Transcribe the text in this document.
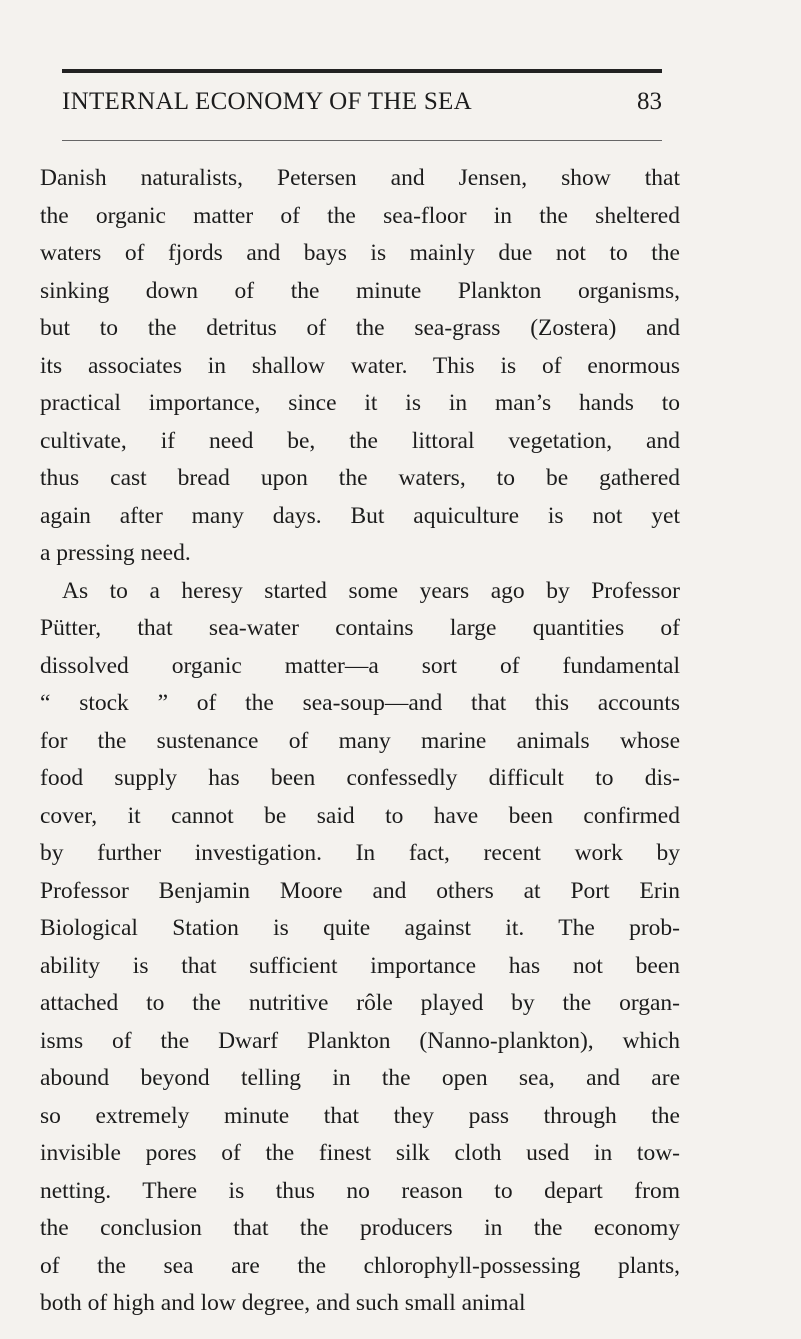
INTERNAL ECONOMY OF THE SEA	83
Danish naturalists, Petersen and Jensen, show that
the organic matter of the sea-floor in the sheltered
waters of fjords and bays is mainly due not to the
sinking down of the minute Plankton organisms,
but to the detritus of the sea-grass (Zostera) and
its associates in shallow water. This is of enormous
practical importance, since it is in man’s hands to
cultivate, if need be, the littoral vegetation, and
thus cast bread upon the waters, to be gathered
again after many days. But aquiculture is not yet
a pressing need.
As to a heresy started some years ago by Professor
Pütter, that sea-water contains large quantities of
dissolved organic matter—a sort of fundamental
“ stock ” of the sea-soup—and that this accounts
for the sustenance of many marine animals whose
food supply has been confessedly difficult to dis-
cover, it cannot be said to have been confirmed
by further investigation. In fact, recent work by
Professor Benjamin Moore and others at Port Erin
Biological Station is quite against it. The prob-
ability is that sufficient importance has not been
attached to the nutritive rôle played by the organ-
isms of the Dwarf Plankton (Nanno-plankton), which
abound beyond telling in the open sea, and are
so extremely minute that they pass through the
invisible pores of the finest silk cloth used in tow-
netting. There is thus no reason to depart from
the conclusion that the producers in the economy
of the sea are the chlorophyll-possessing plants,
both of high and low degree, and such small animal
